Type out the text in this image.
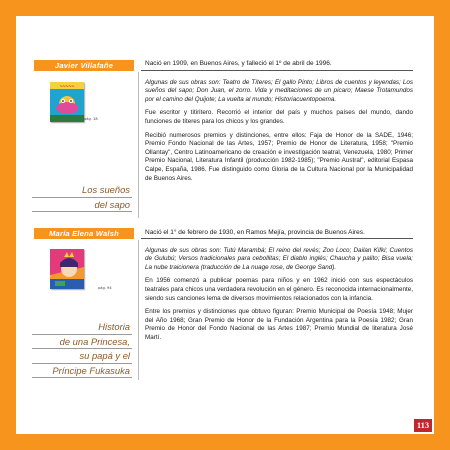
Javier Villafañe
~~~~~
pág. 18
Los sueños
del sapo

Nació en 1909, en Buenos Aires, y falleció el 1º de abril de 1996.

Algunas de sus obras son: Teatro de Títeres; El gallo Pinto; Libros de cuentos y leyendas; Los sueños del sapo; Don Juan, el zorro. Vida y meditaciones de un picaro; Maese Trotamundos por el camino del Quijote; La vuelta al mundo; Historiacuentopoema.

Fue escritor y titiritero. Recorrió el interior del país y muchos países del mundo, dando funciones de títeres para los chicos y los grandes.

Recibió numerosos premios y distinciones, entre ellos: Faja de Honor de la SADE, 1946; Premio Fondo Nacional de las Artes, 1957; Premio de Honor de Literatura, 1958; "Premio Ollantay", Centro Latinoamericano de creación e investigación teatral, Venezuela, 1980; Primer Premio Nacional, Literatura Infantil (producción 1982-1985); "Premio Austral", editorial Espasa Calpe, España, 1986. Fue distinguido como Gloria de la Cultura Nacional por la Municipalidad de Buenos Aires.

María Elena Walsh
pág. 94
Historia
de una Princesa,
su papá y el
Príncipe Fukasuka

Nació el 1° de febrero de 1930, en Ramos Mejía, provincia de Buenos Aires.

Algunas de sus obras son: Tutú Marambá; El reino del revés; Zoo Loco; Dailan Kifki; Cuentos de Gulubú; Versos tradicionales para cebollitas; El diablo inglés; Chaucha y palito; Bisa vuela; La nube traicionera (traducción de La nuage rose, de George Sand).

En 1956 comenzó a publicar poemas para niños y en 1962 inició con sus espectáculos teatrales para chicos una verdadera revolución en el género. Es reconocida internacionalmente, siendo sus canciones lema de diversos movimientos relacionados con la infancia.

Entre los premios y distinciones que obtuvo figuran: Premio Municipal de Poesía 1948; Mujer del Año 1968; Gran Premio de Honor de la Fundación Argentina para la Poesía 1982; Gran Premio de Honor del Fondo Nacional de las Artes 1987; Premio Mundial de literatura José Martí.

113
